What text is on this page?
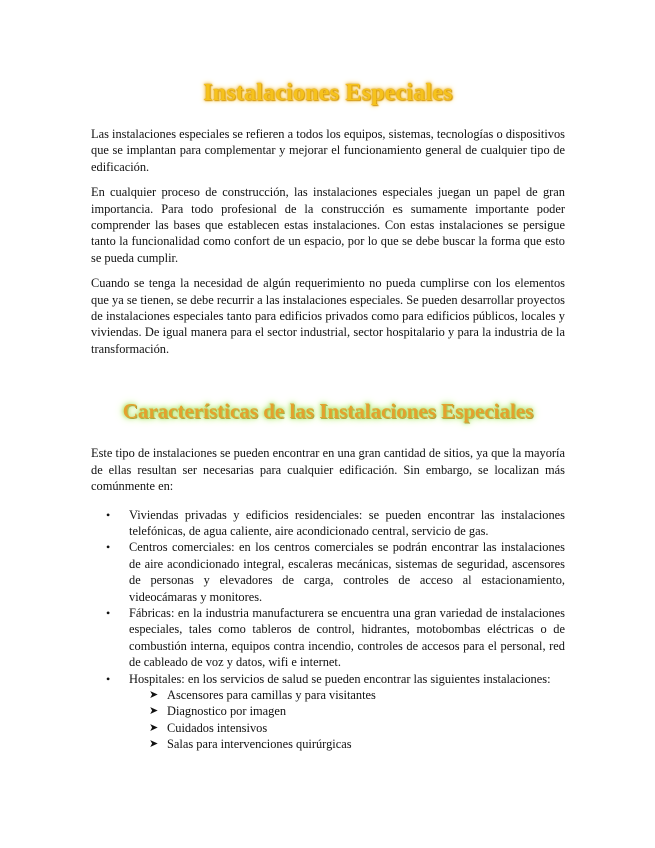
Instalaciones Especiales

Las instalaciones especiales se refieren a todos los equipos, sistemas, tecnologías o dispositivos que se implantan para complementar y mejorar el funcionamiento general de cualquier tipo de edificación.

En cualquier proceso de construcción, las instalaciones especiales juegan un papel de gran importancia. Para todo profesional de la construcción es sumamente importante poder comprender las bases que establecen estas instalaciones. Con estas instalaciones se persigue tanto la funcionalidad como confort de un espacio, por lo que se debe buscar la forma que esto se pueda cumplir.

Cuando se tenga la necesidad de algún requerimiento no pueda cumplirse con los elementos que ya se tienen, se debe recurrir a las instalaciones especiales. Se pueden desarrollar proyectos de instalaciones especiales tanto para edificios privados como para edificios públicos, locales y viviendas. De igual manera para el sector industrial, sector hospitalario y para la industria de la transformación.

Características de las Instalaciones Especiales

Este tipo de instalaciones se pueden encontrar en una gran cantidad de sitios, ya que la mayoría de ellas resultan ser necesarias para cualquier edificación. Sin embargo, se localizan más comúnmente en:

• Viviendas privadas y edificios residenciales: se pueden encontrar las instalaciones telefónicas, de agua caliente, aire acondicionado central, servicio de gas.
• Centros comerciales: en los centros comerciales se podrán encontrar las instalaciones de aire acondicionado integral, escaleras mecánicas, sistemas de seguridad, ascensores de personas y elevadores de carga, controles de acceso al estacionamiento, videocámaras y monitores.
• Fábricas: en la industria manufacturera se encuentra una gran variedad de instalaciones especiales, tales como tableros de control, hidrantes, motobombas eléctricas o de combustión interna, equipos contra incendio, controles de accesos para el personal, red de cableado de voz y datos, wifi e internet.
• Hospitales: en los servicios de salud se pueden encontrar las siguientes instalaciones:
➤ Ascensores para camillas y para visitantes
➤ Diagnostico por imagen
➤ Cuidados intensivos
➤ Salas para intervenciones quirúrgicas
